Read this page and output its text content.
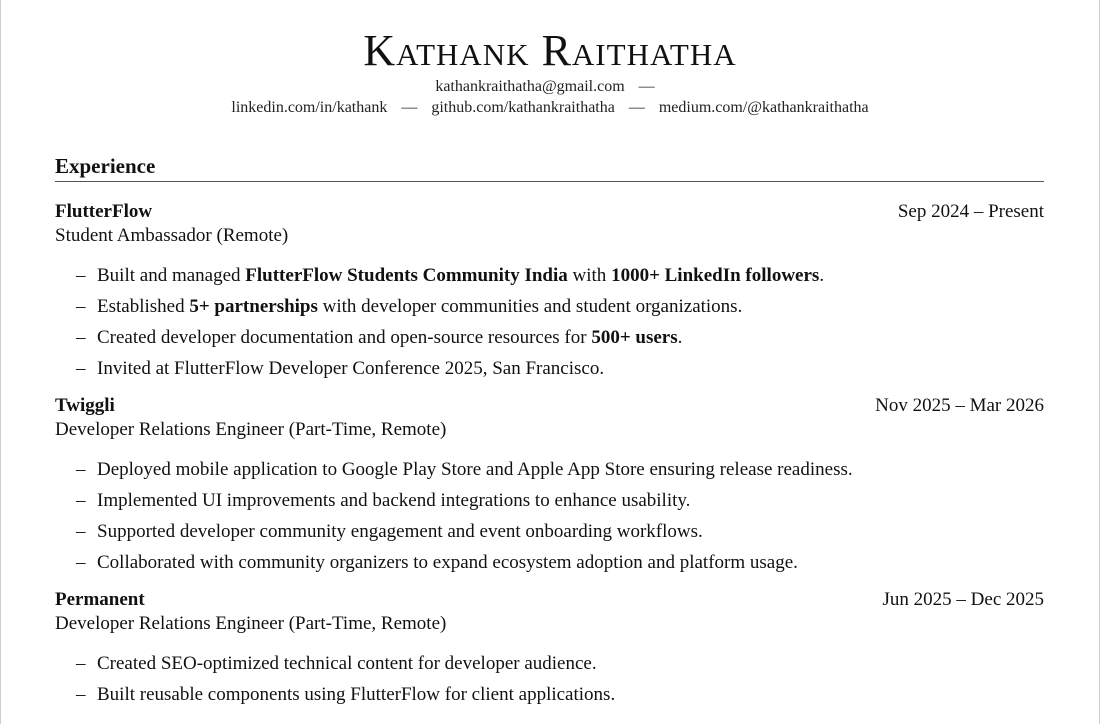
Kathank Raithatha
kathankraithatha@gmail.com —
linkedin.com/in/kathank — github.com/kathankraithatha — medium.com/@kathankraithatha
Experience
FlutterFlow	Sep 2024 – Present
Student Ambassador (Remote)
– Built and managed FlutterFlow Students Community India with 1000+ LinkedIn followers.
– Established 5+ partnerships with developer communities and student organizations.
– Created developer documentation and open-source resources for 500+ users.
– Invited at FlutterFlow Developer Conference 2025, San Francisco.
Twiggli	Nov 2025 – Mar 2026
Developer Relations Engineer (Part-Time, Remote)
– Deployed mobile application to Google Play Store and Apple App Store ensuring release readiness.
– Implemented UI improvements and backend integrations to enhance usability.
– Supported developer community engagement and event onboarding workflows.
– Collaborated with community organizers to expand ecosystem adoption and platform usage.
Permanent	Jun 2025 – Dec 2025
Developer Relations Engineer (Part-Time, Remote)
– Created SEO-optimized technical content for developer audience.
– Built reusable components using FlutterFlow for client applications.
